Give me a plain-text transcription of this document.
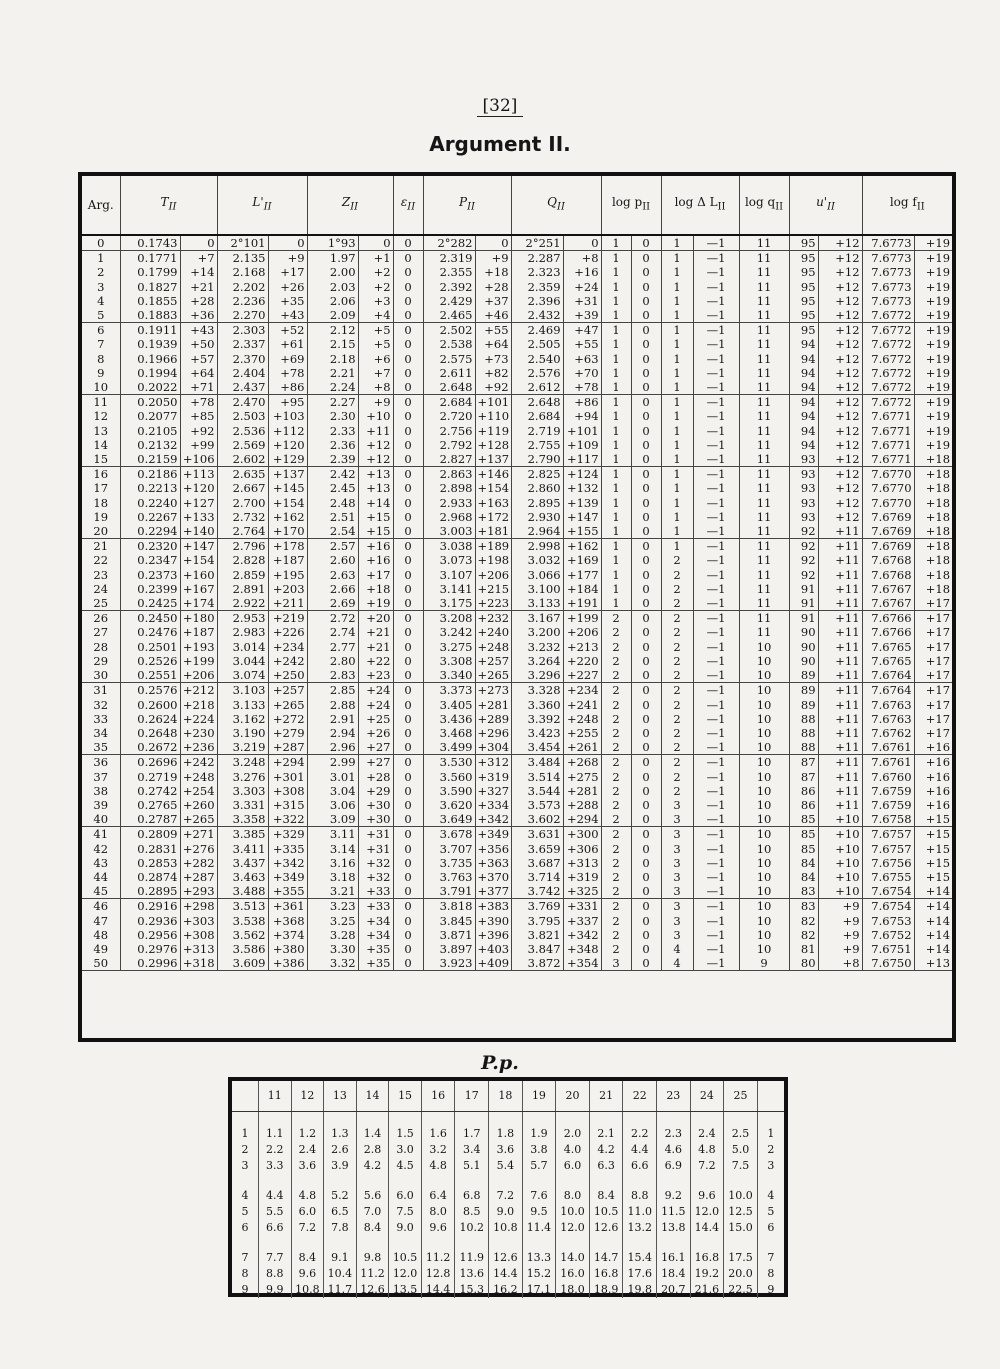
[32]
Argument II.
Arg.	$T_{II}$		$L'_{II}$		$Z_{II}$		$\varepsilon_{II}$	$P_{II}$		$Q_{II}$		$\log p_{II}$		log Δ $L_{II}$		$\log q_{II}$	$u'_{II}$		$\log f_{II}$
0	0.1743	0	2°101	0	1°93	0	0	2°282	0	2°251	0	1	0	1	—1	11	95	+12	7.6773	+19
1	0.1771	+7	2.135	+9	1.97	+1	0	2.319	+9	2.287	+8	1	0	1	—1	11	95	+12	7.6773	+19
2	0.1799	+14	2.168	+17	2.00	+2	0	2.355	+18	2.323	+16	1	0	1	—1	11	95	+12	7.6773	+19
3	0.1827	+21	2.202	+26	2.03	+2	0	2.392	+28	2.359	+24	1	0	1	—1	11	95	+12	7.6773	+19
4	0.1855	+28	2.236	+35	2.06	+3	0	2.429	+37	2.396	+31	1	0	1	—1	11	95	+12	7.6773	+19
5	0.1883	+36	2.270	+43	2.09	+4	0	2.465	+46	2.432	+39	1	0	1	—1	11	95	+12	7.6772	+19
6	0.1911	+43	2.303	+52	2.12	+5	0	2.502	+55	2.469	+47	1	0	1	—1	11	95	+12	7.6772	+19
7	0.1939	+50	2.337	+61	2.15	+5	0	2.538	+64	2.505	+55	1	0	1	—1	11	94	+12	7.6772	+19
8	0.1966	+57	2.370	+69	2.18	+6	0	2.575	+73	2.540	+63	1	0	1	—1	11	94	+12	7.6772	+19
9	0.1994	+64	2.404	+78	2.21	+7	0	2.611	+82	2.576	+70	1	0	1	—1	11	94	+12	7.6772	+19
10	0.2022	+71	2.437	+86	2.24	+8	0	2.648	+92	2.612	+78	1	0	1	—1	11	94	+12	7.6772	+19
11	0.2050	+78	2.470	+95	2.27	+9	0	2.684	+101	2.648	+86	1	0	1	—1	11	94	+12	7.6772	+19
12	0.2077	+85	2.503	+103	2.30	+10	0	2.720	+110	2.684	+94	1	0	1	—1	11	94	+12	7.6771	+19
13	0.2105	+92	2.536	+112	2.33	+11	0	2.756	+119	2.719	+101	1	0	1	—1	11	94	+12	7.6771	+19
14	0.2132	+99	2.569	+120	2.36	+12	0	2.792	+128	2.755	+109	1	0	1	—1	11	94	+12	7.6771	+19
15	0.2159	+106	2.602	+129	2.39	+12	0	2.827	+137	2.790	+117	1	0	1	—1	11	93	+12	7.6771	+18
16	0.2186	+113	2.635	+137	2.42	+13	0	2.863	+146	2.825	+124	1	0	1	—1	11	93	+12	7.6770	+18
17	0.2213	+120	2.667	+145	2.45	+13	0	2.898	+154	2.860	+132	1	0	1	—1	11	93	+12	7.6770	+18
18	0.2240	+127	2.700	+154	2.48	+14	0	2.933	+163	2.895	+139	1	0	1	—1	11	93	+12	7.6770	+18
19	0.2267	+133	2.732	+162	2.51	+15	0	2.968	+172	2.930	+147	1	0	1	—1	11	93	+12	7.6769	+18
20	0.2294	+140	2.764	+170	2.54	+15	0	3.003	+181	2.964	+155	1	0	1	—1	11	92	+11	7.6769	+18
21	0.2320	+147	2.796	+178	2.57	+16	0	3.038	+189	2.998	+162	1	0	1	—1	11	92	+11	7.6769	+18
22	0.2347	+154	2.828	+187	2.60	+16	0	3.073	+198	3.032	+169	1	0	2	—1	11	92	+11	7.6768	+18
23	0.2373	+160	2.859	+195	2.63	+17	0	3.107	+206	3.066	+177	1	0	2	—1	11	92	+11	7.6768	+18
24	0.2399	+167	2.891	+203	2.66	+18	0	3.141	+215	3.100	+184	1	0	2	—1	11	91	+11	7.6767	+18
25	0.2425	+174	2.922	+211	2.69	+19	0	3.175	+223	3.133	+191	1	0	2	—1	11	91	+11	7.6767	+17
26	0.2450	+180	2.953	+219	2.72	+20	0	3.208	+232	3.167	+199	2	0	2	—1	11	91	+11	7.6766	+17
27	0.2476	+187	2.983	+226	2.74	+21	0	3.242	+240	3.200	+206	2	0	2	—1	11	90	+11	7.6766	+17
28	0.2501	+193	3.014	+234	2.77	+21	0	3.275	+248	3.232	+213	2	0	2	—1	10	90	+11	7.6765	+17
29	0.2526	+199	3.044	+242	2.80	+22	0	3.308	+257	3.264	+220	2	0	2	—1	10	90	+11	7.6765	+17
30	0.2551	+206	3.074	+250	2.83	+23	0	3.340	+265	3.296	+227	2	0	2	—1	10	89	+11	7.6764	+17
31	0.2576	+212	3.103	+257	2.85	+24	0	3.373	+273	3.328	+234	2	0	2	—1	10	89	+11	7.6764	+17
32	0.2600	+218	3.133	+265	2.88	+24	0	3.405	+281	3.360	+241	2	0	2	—1	10	89	+11	7.6763	+17
33	0.2624	+224	3.162	+272	2.91	+25	0	3.436	+289	3.392	+248	2	0	2	—1	10	88	+11	7.6763	+17
34	0.2648	+230	3.190	+279	2.94	+26	0	3.468	+296	3.423	+255	2	0	2	—1	10	88	+11	7.6762	+17
35	0.2672	+236	3.219	+287	2.96	+27	0	3.499	+304	3.454	+261	2	0	2	—1	10	88	+11	7.6761	+16
36	0.2696	+242	3.248	+294	2.99	+27	0	3.530	+312	3.484	+268	2	0	2	—1	10	87	+11	7.6761	+16
37	0.2719	+248	3.276	+301	3.01	+28	0	3.560	+319	3.514	+275	2	0	2	—1	10	87	+11	7.6760	+16
38	0.2742	+254	3.303	+308	3.04	+29	0	3.590	+327	3.544	+281	2	0	2	—1	10	86	+11	7.6759	+16
39	0.2765	+260	3.331	+315	3.06	+30	0	3.620	+334	3.573	+288	2	0	3	—1	10	86	+11	7.6759	+16
40	0.2787	+265	3.358	+322	3.09	+30	0	3.649	+342	3.602	+294	2	0	3	—1	10	85	+10	7.6758	+15
41	0.2809	+271	3.385	+329	3.11	+31	0	3.678	+349	3.631	+300	2	0	3	—1	10	85	+10	7.6757	+15
42	0.2831	+276	3.411	+335	3.14	+31	0	3.707	+356	3.659	+306	2	0	3	—1	10	85	+10	7.6757	+15
43	0.2853	+282	3.437	+342	3.16	+32	0	3.735	+363	3.687	+313	2	0	3	—1	10	84	+10	7.6756	+15
44	0.2874	+287	3.463	+349	3.18	+32	0	3.763	+370	3.714	+319	2	0	3	—1	10	84	+10	7.6755	+15
45	0.2895	+293	3.488	+355	3.21	+33	0	3.791	+377	3.742	+325	2	0	3	—1	10	83	+10	7.6754	+14
46	0.2916	+298	3.513	+361	3.23	+33	0	3.818	+383	3.769	+331	2	0	3	—1	10	83	+9	7.6754	+14
47	0.2936	+303	3.538	+368	3.25	+34	0	3.845	+390	3.795	+337	2	0	3	—1	10	82	+9	7.6753	+14
48	0.2956	+308	3.562	+374	3.28	+34	0	3.871	+396	3.821	+342	2	0	3	—1	10	82	+9	7.6752	+14
49	0.2976	+313	3.586	+380	3.30	+35	0	3.897	+403	3.847	+348	2	0	4	—1	10	81	+9	7.6751	+14
50	0.2996	+318	3.609	+386	3.32	+35	0	3.923	+409	3.872	+354	3	0	4	—1	9	80	+8	7.6750	+13
P.p.
	11	12	13	14	15	16	17	18	19	20	21	22	23	24	25	

1	1.1	1.2	1.3	1.4	1.5	1.6	1.7	1.8	1.9	2.0	2.1	2.2	2.3	2.4	2.5	1
2	2.2	2.4	2.6	2.8	3.0	3.2	3.4	3.6	3.8	4.0	4.2	4.4	4.6	4.8	5.0	2
3	3.3	3.6	3.9	4.2	4.5	4.8	5.1	5.4	5.7	6.0	6.3	6.6	6.9	7.2	7.5	3

4	4.4	4.8	5.2	5.6	6.0	6.4	6.8	7.2	7.6	8.0	8.4	8.8	9.2	9.6	10.0	4
5	5.5	6.0	6.5	7.0	7.5	8.0	8.5	9.0	9.5	10.0	10.5	11.0	11.5	12.0	12.5	5
6	6.6	7.2	7.8	8.4	9.0	9.6	10.2	10.8	11.4	12.0	12.6	13.2	13.8	14.4	15.0	6

7	7.7	8.4	9.1	9.8	10.5	11.2	11.9	12.6	13.3	14.0	14.7	15.4	16.1	16.8	17.5	7
8	8.8	9.6	10.4	11.2	12.0	12.8	13.6	14.4	15.2	16.0	16.8	17.6	18.4	19.2	20.0	8
9	9.9	10.8	11.7	12.6	13.5	14.4	15.3	16.2	17.1	18.0	18.9	19.8	20.7	21.6	22.5	9
